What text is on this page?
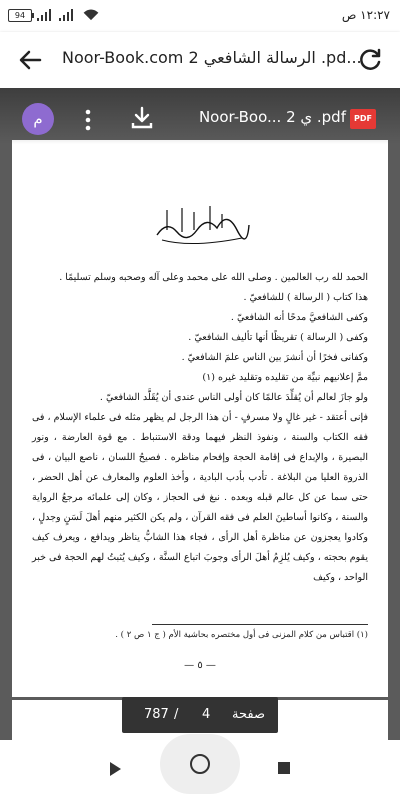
94	١٢:٢٧ ص
Noor-Book.com 2 الرسالة الشافعي .pd...

الحمد لله رب العالمين . وصلى الله على محمد وعلى آله وصحبه وسلم تسليمًا .

هذا كتاب ( الرسالة ) للشافعيّ .

وكفى الشافعيَّ مدحًا أنه الشافعيّ .

وكفى ( الرسالة ) تقريظًا أنها تأليف الشافعيّ .

وكفانى فخرًا أن أنشرَ بين الناس علمَ الشافعيّ .

ممَّ إعلانيهم نبيِّهَ من تقليده وتقليد غيره (١)

ولو جازَ لعالم أن يُقلِّدَ عالمًا كان أولى الناس عندى أن يُقَلَّد الشافعيّ .

فإنى أعتقد - غير غالٍ ولا مسرفٍ - أن هذا الرجل لم يظهر مثله فى علماء الإسلام ، فى فقه الكتاب والسنة ، ونفوذ النظر فيهما ودقة الاستنباط . مع قوة العارضة ، ونور البصيرة ، والإبداع فى إقامة الحجة وإفحام مناظره . فصيحُ اللسان ، ناصع البيان ، فى الذروة العليا من البلاغة . تأدب بأدب البادية ، وأخذ العلوم والمعارف عن أهل الحضر ، حتى سما عن كل عالم قبله وبعده . نبغ فى الحجاز ، وكان إلى علمائه مرجعُ الرواية والسنة ، وكانوا أساطينَ العلم فى فقه القرآن ، ولم يكن الكثير منهم أهلَ لَسَنٍ وجدلٍ ، وكادوا يعجزون عن مناظرة أهل الرأى ، فجاء هذا الشابُّ يناظر ويدافع ، ويعرف كيف يقوم بحجته ، وكيف يُلزِمُ أهلَ الرأى وجوبَ اتباع السنَّة ، وكيف يُثبتُ لهم الحجة فى خبر الواحد ، وكيف

(١) اقتباس من كلام المزنى فى أول مختصره بحاشية الأم ( ج ١ ص ٢ ) .
— ٥ —
م	Noor-Boo... ي 2 .pdf	PDF
787 / 4 صفحة
